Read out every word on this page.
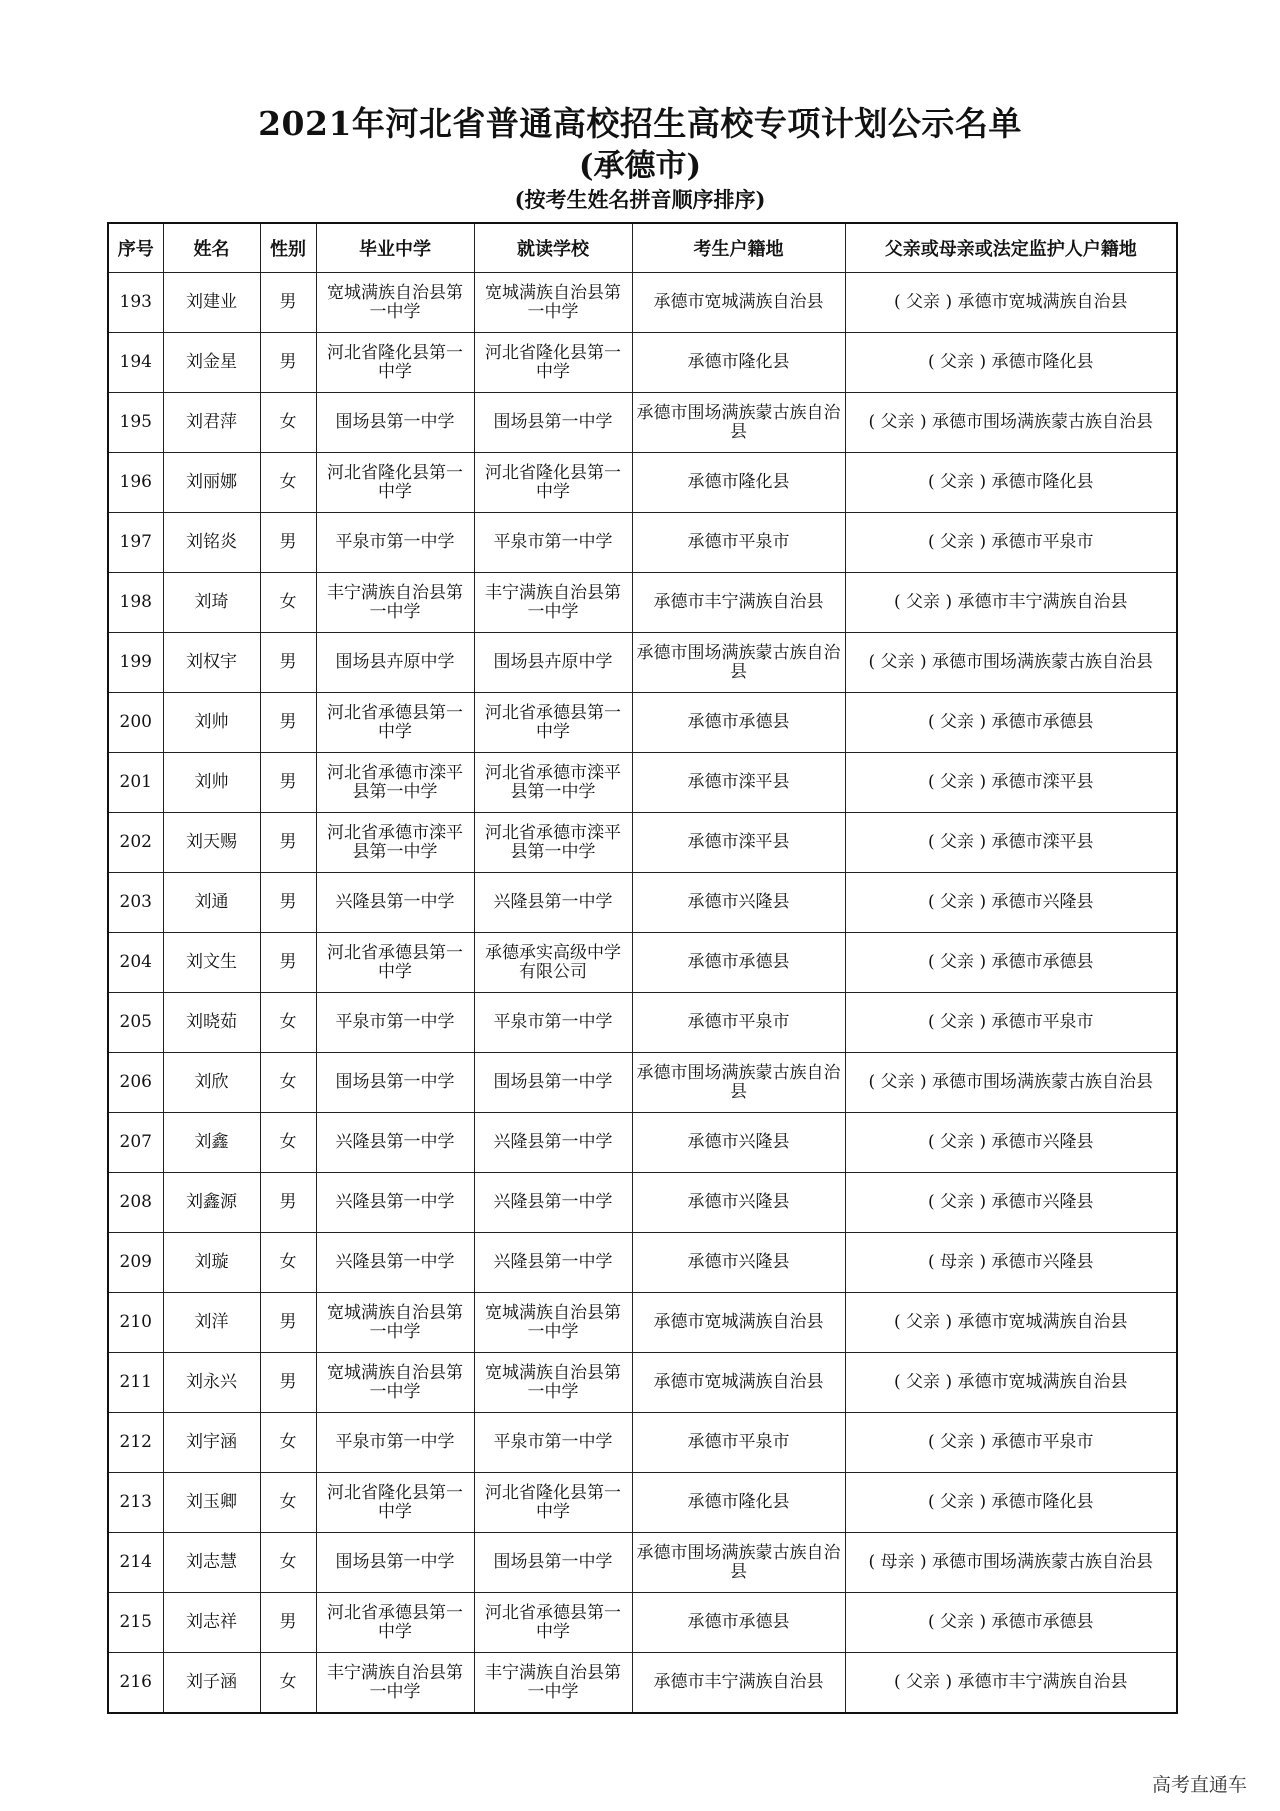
2021年河北省普通高校招生高校专项计划公示名单
(承德市)
(按考生姓名拼音顺序排序)
序号	姓名	性别	毕业中学	就读学校	考生户籍地	父亲或母亲或法定监护人户籍地
193	刘建业	男	宽城满族自治县第一中学	宽城满族自治县第一中学	承德市宽城满族自治县	( 父亲 ) 承德市宽城满族自治县
194	刘金星	男	河北省隆化县第一中学	河北省隆化县第一中学	承德市隆化县	( 父亲 ) 承德市隆化县
195	刘君萍	女	围场县第一中学	围场县第一中学	承德市围场满族蒙古族自治县	( 父亲 ) 承德市围场满族蒙古族自治县
196	刘丽娜	女	河北省隆化县第一中学	河北省隆化县第一中学	承德市隆化县	( 父亲 ) 承德市隆化县
197	刘铭炎	男	平泉市第一中学	平泉市第一中学	承德市平泉市	( 父亲 ) 承德市平泉市
198	刘琦	女	丰宁满族自治县第一中学	丰宁满族自治县第一中学	承德市丰宁满族自治县	( 父亲 ) 承德市丰宁满族自治县
199	刘权宇	男	围场县卉原中学	围场县卉原中学	承德市围场满族蒙古族自治县	( 父亲 ) 承德市围场满族蒙古族自治县
200	刘帅	男	河北省承德县第一中学	河北省承德县第一中学	承德市承德县	( 父亲 ) 承德市承德县
201	刘帅	男	河北省承德市滦平县第一中学	河北省承德市滦平县第一中学	承德市滦平县	( 父亲 ) 承德市滦平县
202	刘天赐	男	河北省承德市滦平县第一中学	河北省承德市滦平县第一中学	承德市滦平县	( 父亲 ) 承德市滦平县
203	刘通	男	兴隆县第一中学	兴隆县第一中学	承德市兴隆县	( 父亲 ) 承德市兴隆县
204	刘文生	男	河北省承德县第一中学	承德承实高级中学有限公司	承德市承德县	( 父亲 ) 承德市承德县
205	刘晓茹	女	平泉市第一中学	平泉市第一中学	承德市平泉市	( 父亲 ) 承德市平泉市
206	刘欣	女	围场县第一中学	围场县第一中学	承德市围场满族蒙古族自治县	( 父亲 ) 承德市围场满族蒙古族自治县
207	刘鑫	女	兴隆县第一中学	兴隆县第一中学	承德市兴隆县	( 父亲 ) 承德市兴隆县
208	刘鑫源	男	兴隆县第一中学	兴隆县第一中学	承德市兴隆县	( 父亲 ) 承德市兴隆县
209	刘璇	女	兴隆县第一中学	兴隆县第一中学	承德市兴隆县	( 母亲 ) 承德市兴隆县
210	刘洋	男	宽城满族自治县第一中学	宽城满族自治县第一中学	承德市宽城满族自治县	( 父亲 ) 承德市宽城满族自治县
211	刘永兴	男	宽城满族自治县第一中学	宽城满族自治县第一中学	承德市宽城满族自治县	( 父亲 ) 承德市宽城满族自治县
212	刘宇涵	女	平泉市第一中学	平泉市第一中学	承德市平泉市	( 父亲 ) 承德市平泉市
213	刘玉卿	女	河北省隆化县第一中学	河北省隆化县第一中学	承德市隆化县	( 父亲 ) 承德市隆化县
214	刘志慧	女	围场县第一中学	围场县第一中学	承德市围场满族蒙古族自治县	( 母亲 ) 承德市围场满族蒙古族自治县
215	刘志祥	男	河北省承德县第一中学	河北省承德县第一中学	承德市承德县	( 父亲 ) 承德市承德县
216	刘子涵	女	丰宁满族自治县第一中学	丰宁满族自治县第一中学	承德市丰宁满族自治县	( 父亲 ) 承德市丰宁满族自治县
高考直通车
